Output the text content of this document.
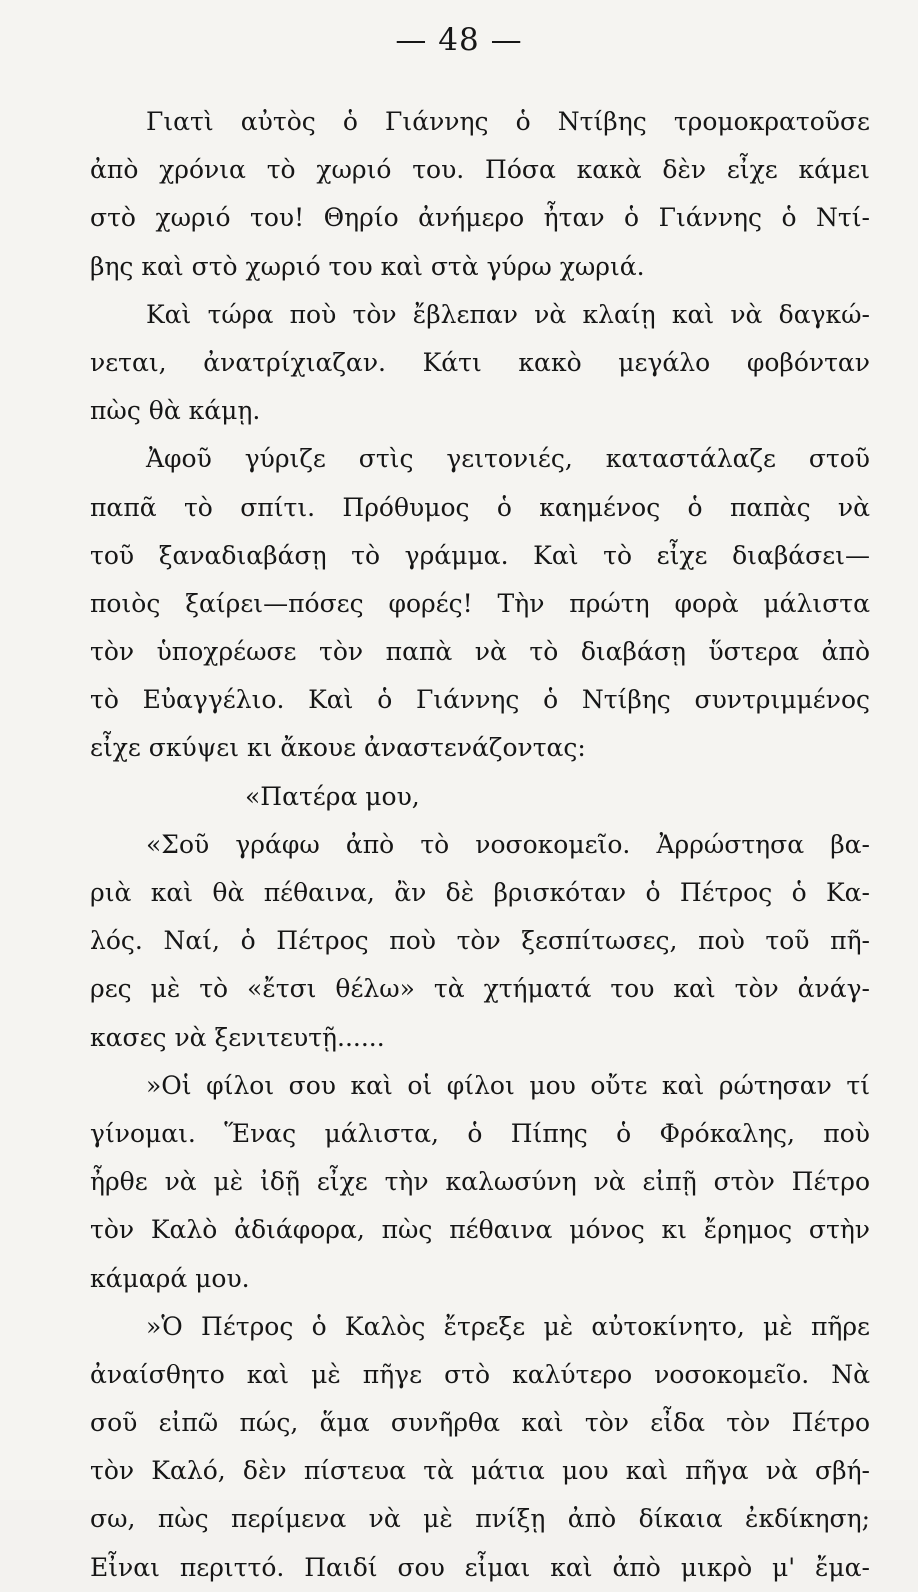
— 48 —
Γιατὶ αὐτὸς ὁ Γιάννης ὁ Ντίβης τρομοκρατοῦσε
ἀπὸ χρόνια τὸ χωριό του. Πόσα κακὰ δὲν εἶχε κάμει
στὸ χωριό του! Θηρίο ἀνήμερο ἦταν ὁ Γιάννης ὁ Ντί-
βης καὶ στὸ χωριό του καὶ στὰ γύρω χωριά.
Καὶ τώρα ποὺ τὸν ἔβλεπαν νὰ κλαίῃ καὶ νὰ δαγκώ-
νεται, ἀνατρίχιαζαν. Κάτι κακὸ μεγάλο φοβόνταν
πὼς θὰ κάμῃ.
Ἀφοῦ γύριζε στὶς γειτονιές, καταστάλαζε στοῦ
παπᾶ τὸ σπίτι. Πρόθυμος ὁ καημένος ὁ παπὰς νὰ
τοῦ ξαναδιαβάσῃ τὸ γράμμα. Καὶ τὸ εἶχε διαβάσει—
ποιὸς ξαίρει—πόσες φορές! Τὴν πρώτη φορὰ μάλιστα
τὸν ὑποχρέωσε τὸν παπὰ νὰ τὸ διαβάσῃ ὕστερα ἀπὸ
τὸ Εὐαγγέλιο. Καὶ ὁ Γιάννης ὁ Ντίβης συντριμμένος
εἶχε σκύψει κι ἄκουε ἀναστενάζοντας:
«Πατέρα μου,
«Σοῦ γράφω ἀπὸ τὸ νοσοκομεῖο. Ἀρρώστησα βα-
ριὰ καὶ θὰ πέθαινα, ἂν δὲ βρισκόταν ὁ Πέτρος ὁ Κα-
λός. Ναί, ὁ Πέτρος ποὺ τὸν ξεσπίτωσες, ποὺ τοῦ πῆ-
ρες μὲ τὸ «ἔτσι θέλω» τὰ χτήματά του καὶ τὸν ἀνάγ-
κασες νὰ ξενιτευτῇ......
»Οἱ φίλοι σου καὶ οἱ φίλοι μου οὔτε καὶ ρώτησαν τί
γίνομαι. Ἕνας μάλιστα, ὁ Πίπης ὁ Φρόκαλης, ποὺ
ἦρθε νὰ μὲ ἰδῇ εἶχε τὴν καλωσύνη νὰ εἰπῇ στὸν Πέτρο
τὸν Καλὸ ἀδιάφορα, πὼς πέθαινα μόνος κι ἔρημος στὴν
κάμαρά μου.
»Ὁ Πέτρος ὁ Καλὸς ἔτρεξε μὲ αὐτοκίνητο, μὲ πῆρε
ἀναίσθητο καὶ μὲ πῆγε στὸ καλύτερο νοσοκομεῖο. Νὰ
σοῦ εἰπῶ πώς, ἅμα συνῆρθα καὶ τὸν εἶδα τὸν Πέτρο
τὸν Καλό, δὲν πίστευα τὰ μάτια μου καὶ πῆγα νὰ σβή-
σω, πὼς περίμενα νὰ μὲ πνίξῃ ἀπὸ δίκαια ἐκδίκηση;
Εἶναι περιττό. Παιδί σου εἶμαι καὶ ἀπὸ μικρὸ μ' ἔμα-
